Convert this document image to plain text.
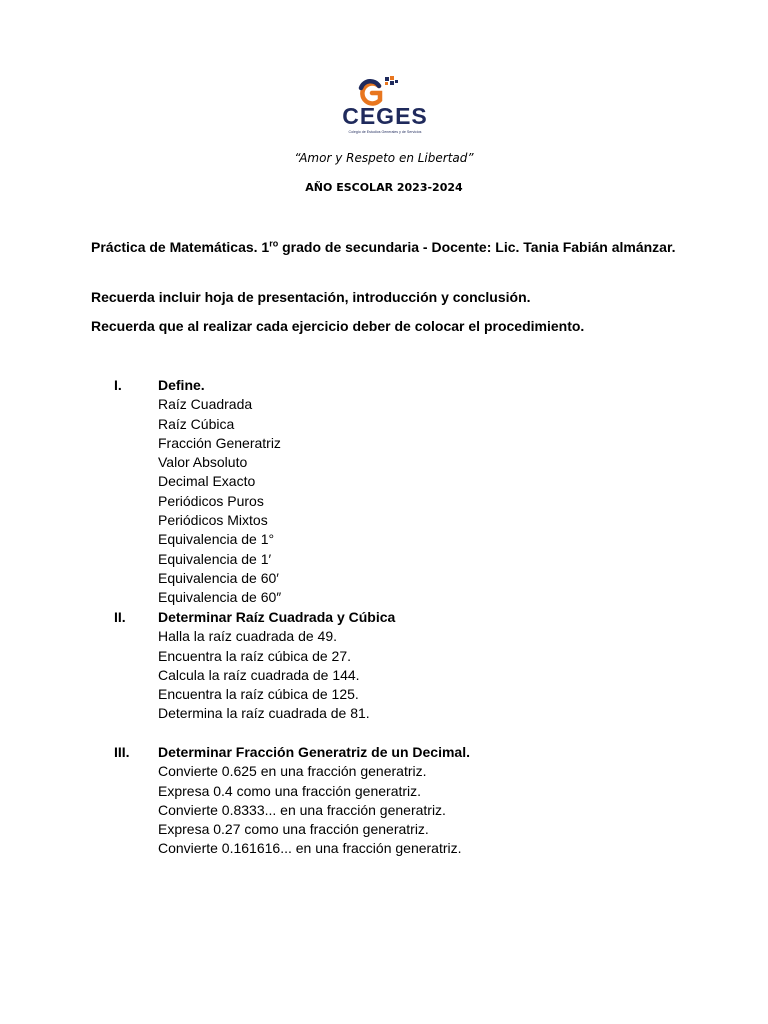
CEGES
Colegio de Estudios Generales y de Servicios
“Amor y Respeto en Libertad”
AÑO ESCOLAR 2023-2024
Práctica de Matemáticas. $1^{ro}$ grado de secundaria - Docente: Lic. Tania Fabián almánzar.
Recuerda incluir hoja de presentación, introducción y conclusión.
Recuerda que al realizar cada ejercicio deber de colocar el procedimiento.
I.	Define.
Raíz Cuadrada
Raíz Cúbica
Fracción Generatriz
Valor Absoluto
Decimal Exacto
Periódicos Puros
Periódicos Mixtos
Equivalencia de 1°
Equivalencia de 1′
Equivalencia de 60′
Equivalencia de 60″
II. Determinar Raíz Cuadrada y Cúbica
Halla la raíz cuadrada de 49.
Encuentra la raíz cúbica de 27.
Calcula la raíz cuadrada de 144.
Encuentra la raíz cúbica de 125.
Determina la raíz cuadrada de 81.
III. Determinar Fracción Generatriz de un Decimal.
Convierte 0.625 en una fracción generatriz.
Expresa 0.4 como una fracción generatriz.
Convierte 0.8333... en una fracción generatriz.
Expresa 0.27 como una fracción generatriz.
Convierte 0.161616... en una fracción generatriz.
